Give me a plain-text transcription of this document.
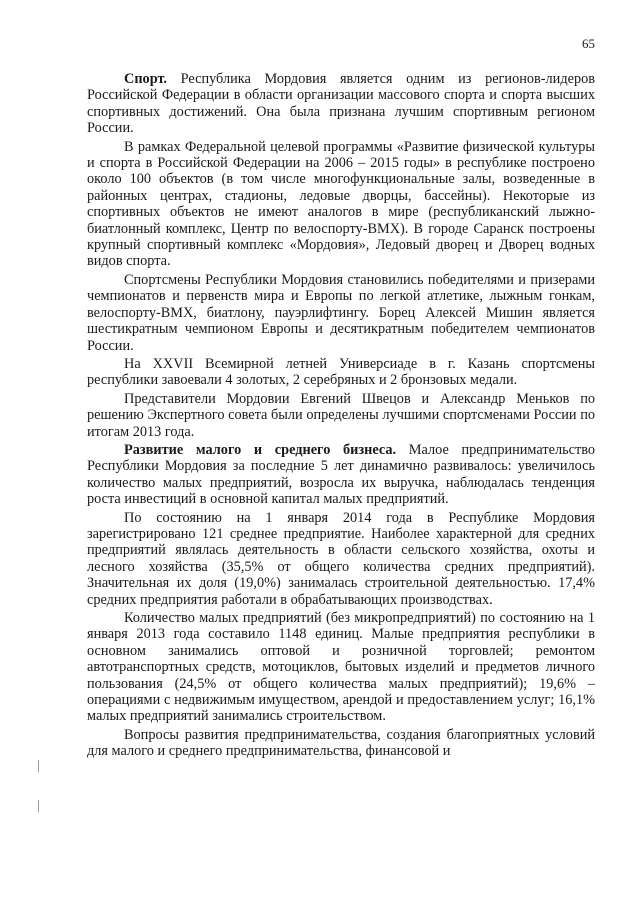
65

Спорт. Республика Мордовия является одним из регионов-лидеров Российской Федерации в области организации массового спорта и спорта высших спортивных достижений. Она была признана лучшим спортивным регионом России.

В рамках Федеральной целевой программы «Развитие физической культуры и спорта в Российской Федерации на 2006 – 2015 годы» в республике построено около 100 объектов (в том числе многофункциональные залы, возведенные в районных центрах, стадионы, ледовые дворцы, бассейны). Некоторые из спортивных объектов не имеют аналогов в мире (республиканский лыжно-биатлонный комплекс, Центр по велоспорту-ВМХ). В городе Саранск построены крупный спортивный комплекс «Мордовия», Ледовый дворец и Дворец водных видов спорта.

Спортсмены Республики Мордовия становились победителями и призерами чемпионатов и первенств мира и Европы по легкой атлетике, лыжным гонкам, велоспорту-ВМХ, биатлону, пауэрлифтингу. Борец Алексей Мишин является шестикратным чемпионом Европы и десятикратным победителем чемпионатов России.

На XXVII Всемирной летней Универсиаде в г. Казань спортсмены республики завоевали 4 золотых, 2 серебряных и 2 бронзовых медали.

Представители Мордовии Евгений Швецов и Александр Меньков по решению Экспертного совета были определены лучшими спортсменами России по итогам 2013 года.

Развитие малого и среднего бизнеса. Малое предпринимательство Республики Мордовия за последние 5 лет динамично развивалось: увеличилось количество малых предприятий, возросла их выручка, наблюдалась тенденция роста инвестиций в основной капитал малых предприятий.

По состоянию на 1 января 2014 года в Республике Мордовия зарегистрировано 121 среднее предприятие. Наиболее характерной для средних предприятий являлась деятельность в области сельского хозяйства, охоты и лесного хозяйства (35,5% от общего количества средних предприятий). Значительная их доля (19,0%) занималась строительной деятельностью. 17,4% средних предприятия работали в обрабатывающих производствах.

Количество малых предприятий (без микропредприятий) по состоянию на 1 января 2013 года составило 1148 единиц. Малые предприятия республики в основном занимались оптовой и розничной торговлей; ремонтом автотранспортных средств, мотоциклов, бытовых изделий и предметов личного пользования (24,5% от общего количества малых предприятий); 19,6% – операциями с недвижимым имуществом, арендой и предоставлением услуг; 16,1% малых предприятий занимались строительством.

Вопросы развития предпринимательства, создания благоприятных условий для малого и среднего предпринимательства, финансовой и
